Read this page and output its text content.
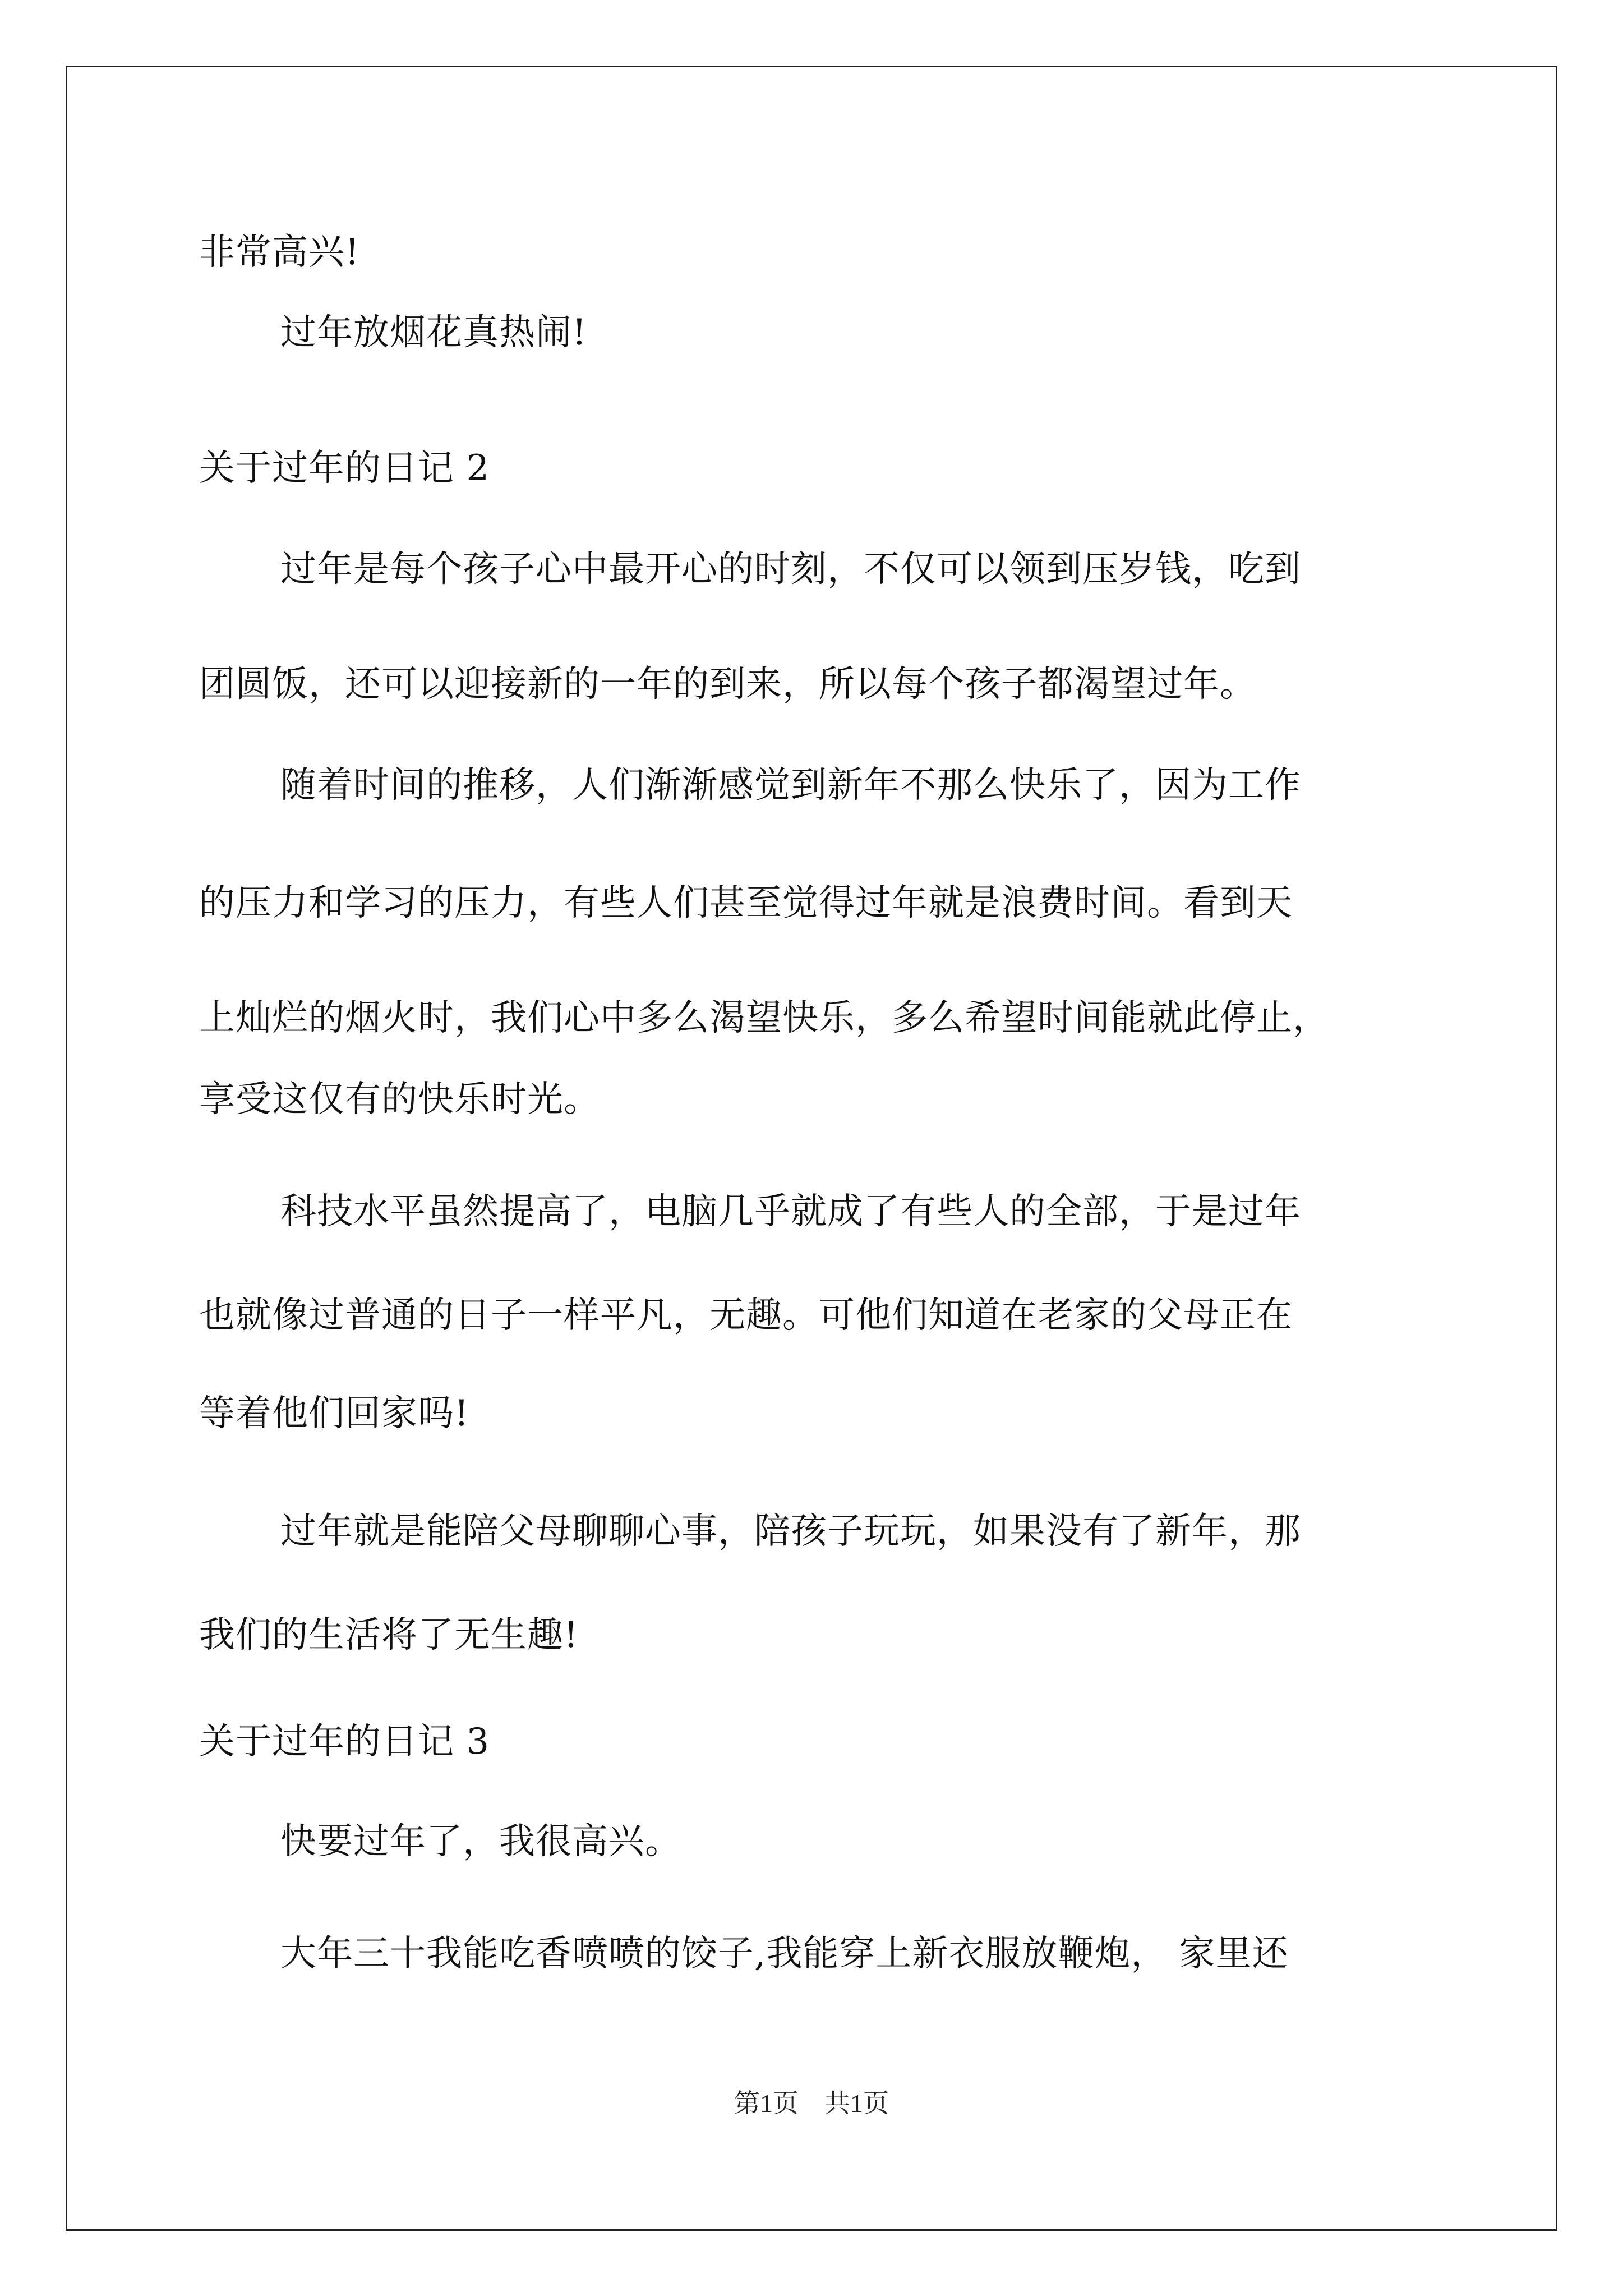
非常高兴!
过年放烟花真热闹!
关于过年的日记 2
过年是每个孩子心中最开心的时刻，不仅可以领到压岁钱，吃到
团圆饭，还可以迎接新的一年的到来，所以每个孩子都渴望过年。
随着时间的推移，人们渐渐感觉到新年不那么快乐了，因为工作
的压力和学习的压力，有些人们甚至觉得过年就是浪费时间。看到天
上灿烂的烟火时，我们心中多么渴望快乐，多么希望时间能就此停止，
享受这仅有的快乐时光。
科技水平虽然提高了，电脑几乎就成了有些人的全部，于是过年
也就像过普通的日子一样平凡，无趣。可他们知道在老家的父母正在
等着他们回家吗!
过年就是能陪父母聊聊心事，陪孩子玩玩，如果没有了新年，那
我们的生活将了无生趣!
关于过年的日记 3
快要过年了，我很高兴。
大年三十我能吃香喷喷的饺子,我能穿上新衣服放鞭炮， 家里还
第1页　共1页
